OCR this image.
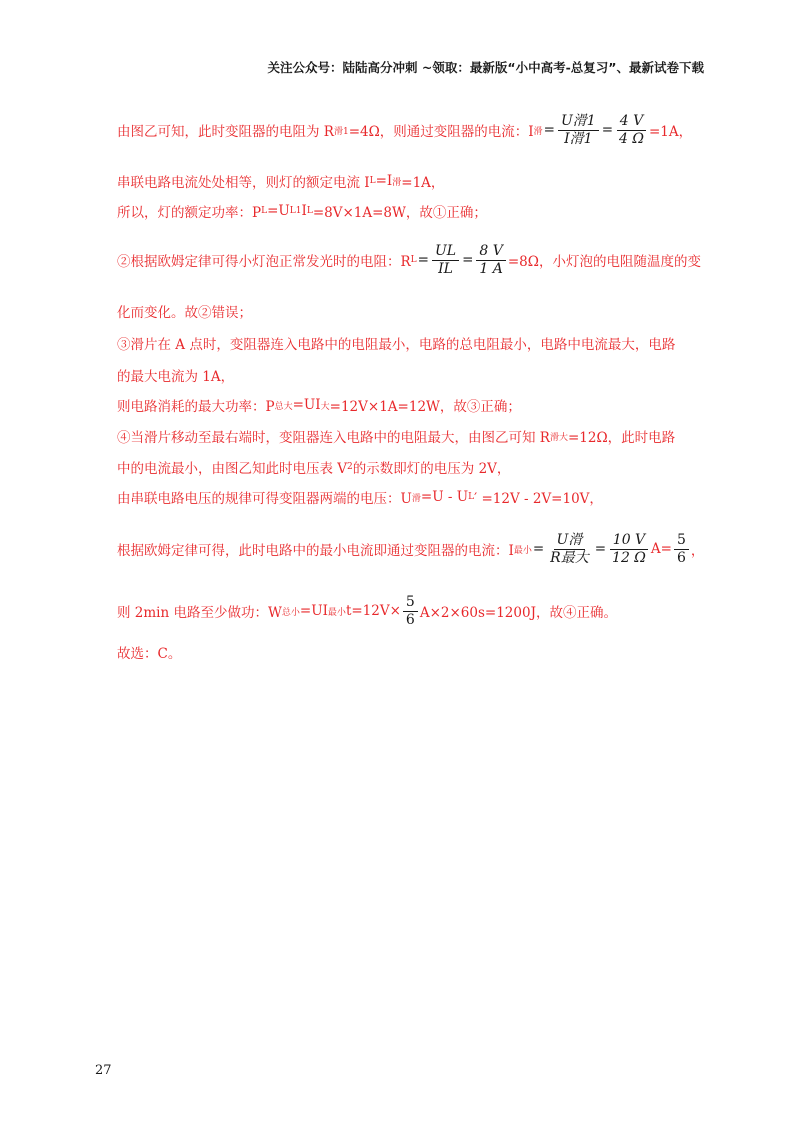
关注公众号：陆陆高分冲刺 ~领取：最新版“小中高考-总复习”、最新试卷下载
由图乙可知，此时变阻器的电阻为 R 滑1 =4Ω，则通过变阻器的电流：I 滑 = $\frac{\text{U滑1}}{\text{I滑1}} = \frac{4 V}{4 \Omega} =1A$，
串联电路电流处处相等，则灯的额定电流 I L =I 滑 =1A，
所以，灯的额定功率：P L =U L1 I L =8V×1A=8W，故①正确；
②根据欧姆定律可得小灯泡正常发光时的电阻：R $L = \frac{UL}{IL} = \frac{8 V}{1 A} =8\Omega$，小灯泡的电阻随温度的变
化而变化。故②错误；
③滑片在 A 点时，变阻器连入电路中的电阻最小，电路的总电阻最小，电路中电流最大，电路
的最大电流为 1A，
则电路消耗的最大功率：P 总大 =UI 大 =12V×1A=12W，故③正确；
④当滑片移动至最右端时，变阻器连入电路中的电阻最大，由图乙可知 R 滑大 =12Ω，此时电路
中的电流最小，由图乙知此时电压表 V 2 的示数即灯的电压为 2V，
由串联电路电压的规律可得变阻器两端的电压：U 滑 =U - U L ′ =12V - 2V=10V，
根据欧姆定律可得，此时电路中的最小电流即通过变阻器的电流：I 最小 = $\frac{\text{U滑}}{\text{R最大}} = \frac{10 V}{12 \Omega} A= \frac{5}{6}$ ，
则 2min 电路至少做功：W 总小 =UI 最小 $t=12V\times \frac{5}{6} A\times 2\times 60s=1200J$，故④正确。
故选：C。
27
